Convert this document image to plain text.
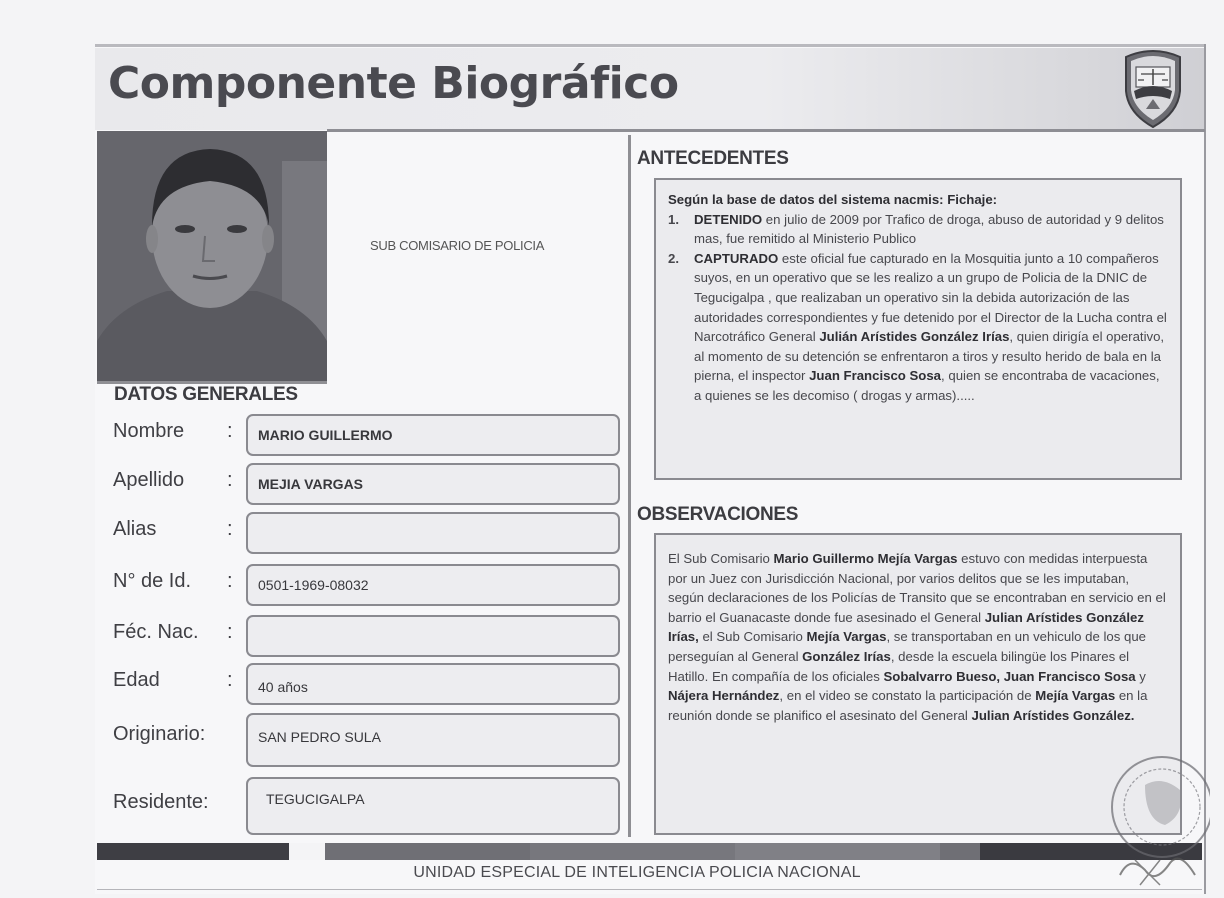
Componente Biográfico
SUB COMISARIO DE POLICIA
DATOS GENERALES
Nombre :	MARIO GUILLERMO
Apellido :	MEJIA VARGAS
Alias	:
N° de Id. :	0501-1969-08032
Féc. Nac. :
Edad	:	40 años
Originario:	SAN PEDRO SULA
Residente:	TEGUCIGALPA
ANTECEDENTES
Según la base de datos del sistema nacmis: Fichaje:
1. DETENIDO en julio de 2009 por Trafico de droga, abuso de autoridad y 9 delitos mas, fue remitido al Ministerio Publico
2. CAPTURADO este oficial fue capturado en la Mosquitia junto a 10 compañeros suyos, en un operativo que se les realizo a un grupo de Policia de la DNIC de Tegucigalpa , que realizaban un operativo sin la debida autorización de las autoridades correspondientes y fue detenido por el Director de la Lucha contra el Narcotráfico General Julián Arístides González Irías, quien dirigía el operativo, al momento de su detención se enfrentaron a tiros y resulto herido de bala en la pierna, el inspector Juan Francisco Sosa, quien se encontraba de vacaciones, a quienes se les decomiso ( drogas y armas).....
OBSERVACIONES

El Sub Comisario Mario Guillermo Mejía Vargas estuvo con medidas interpuesta por un Juez con Jurisdicción Nacional, por varios delitos que se les imputaban, según declaraciones de los Policías de Transito que se encontraban en servicio en el barrio el Guanacaste donde fue asesinado el General Julian Arístides González Irías, el Sub Comisario Mejía Vargas, se transportaban en un vehiculo de los que perseguían al General González Irías, desde la escuela bilingüe los Pinares el Hatillo. En compañía de los oficiales Sobalvarro Bueso, Juan Francisco Sosa y Nájera Hernández, en el video se constato la participación de Mejía Vargas en la reunión donde se planifico el asesinato del General Julian Arístides González.

UNIDAD ESPECIAL DE INTELIGENCIA POLICIA NACIONAL
